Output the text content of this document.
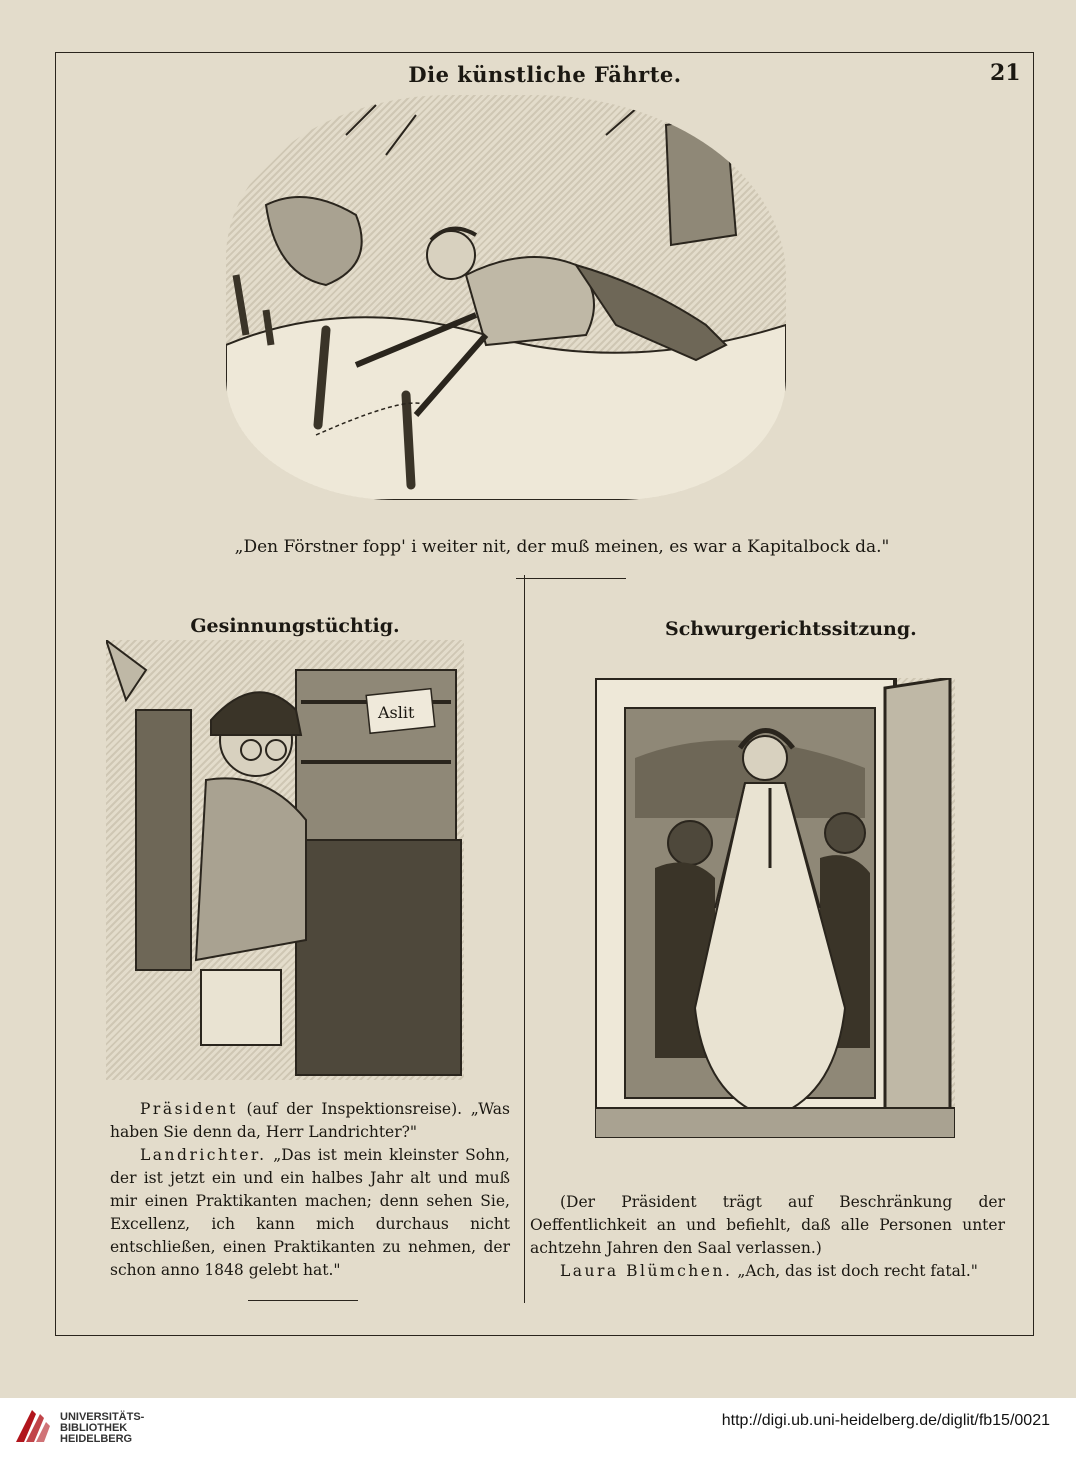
Die künstliche Fährte.	21
„Den Förstner fopp' i weiter nit, der muß meinen, es war a Kapitalbock da."
Gesinnungstüchtig.
Aslit

Präsident (auf der Inspektionsreise). „Was haben Sie denn da, Herr Landrichter?"

Landrichter. „Das ist mein kleinster Sohn, der ist jetzt ein und ein halbes Jahr alt und muß mir einen Praktikanten machen; denn sehen Sie, Excellenz, ich kann mich durchaus nicht entschließen, einen Praktikanten zu nehmen, der schon anno 1848 gelebt hat."

Schwurgerichtssitzung.

(Der Präsident trägt auf Beschränkung der Oeffentlichkeit an und befiehlt, daß alle Personen unter achtzehn Jahren den Saal verlassen.)

Laura Blümchen. „Ach, das ist doch recht fatal."

UNIVERSITÄTS-
BIBLIOTHEK
HEIDELBERG
http://digi.ub.uni-heidelberg.de/diglit/fb15/0021
